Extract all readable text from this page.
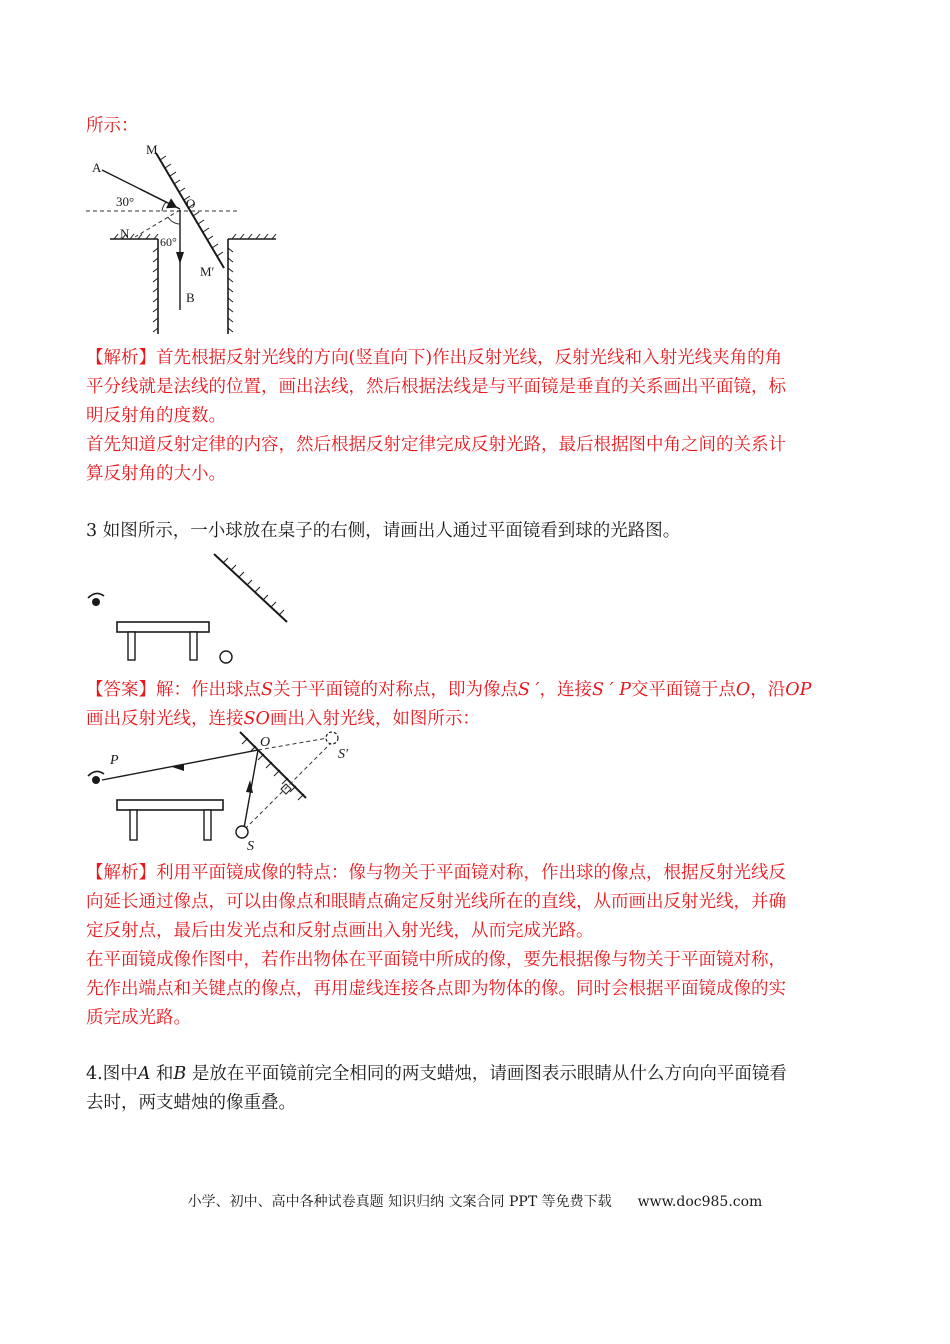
所示：
A
M
O
30°
N
60°
M′
B
【解析】首先根据反射光线的方向(竖直向下)作出反射光线，反射光线和入射光线夹角的角
平分线就是法线的位置，画出法线，然后根据法线是与平面镜是垂直的关系画出平面镜，标
明反射角的度数。
首先知道反射定律的内容，然后根据反射定律完成反射光路，最后根据图中角之间的关系计
算反射角的大小。
3 如图所示，一小球放在桌子的右侧，请画出人通过平面镜看到球的光路图。
【答案】解：作出球点S关于平面镜的对称点，即为像点S ′，连接S ′ P交平面镜于点O，沿OP
画出反射光线，连接SO画出入射光线，如图所示：
P
O
S′
S
【解析】利用平面镜成像的特点：像与物关于平面镜对称，作出球的像点，根据反射光线反
向延长通过像点，可以由像点和眼睛点确定反射光线所在的直线，从而画出反射光线，并确
定反射点，最后由发光点和反射点画出入射光线，从而完成光路。
在平面镜成像作图中，若作出物体在平面镜中所成的像，要先根据像与物关于平面镜对称，
先作出端点和关键点的像点，再用虚线连接各点即为物体的像。同时会根据平面镜成像的实
质完成光路。
4.图中A 和B 是放在平面镜前完全相同的两支蜡烛，请画图表示眼睛从什么方向向平面镜看
去时，两支蜡烛的像重叠。
小学、初中、高中各种试卷真题 知识归纳 文案合同 PPT 等免费下载 www.doc985.com
